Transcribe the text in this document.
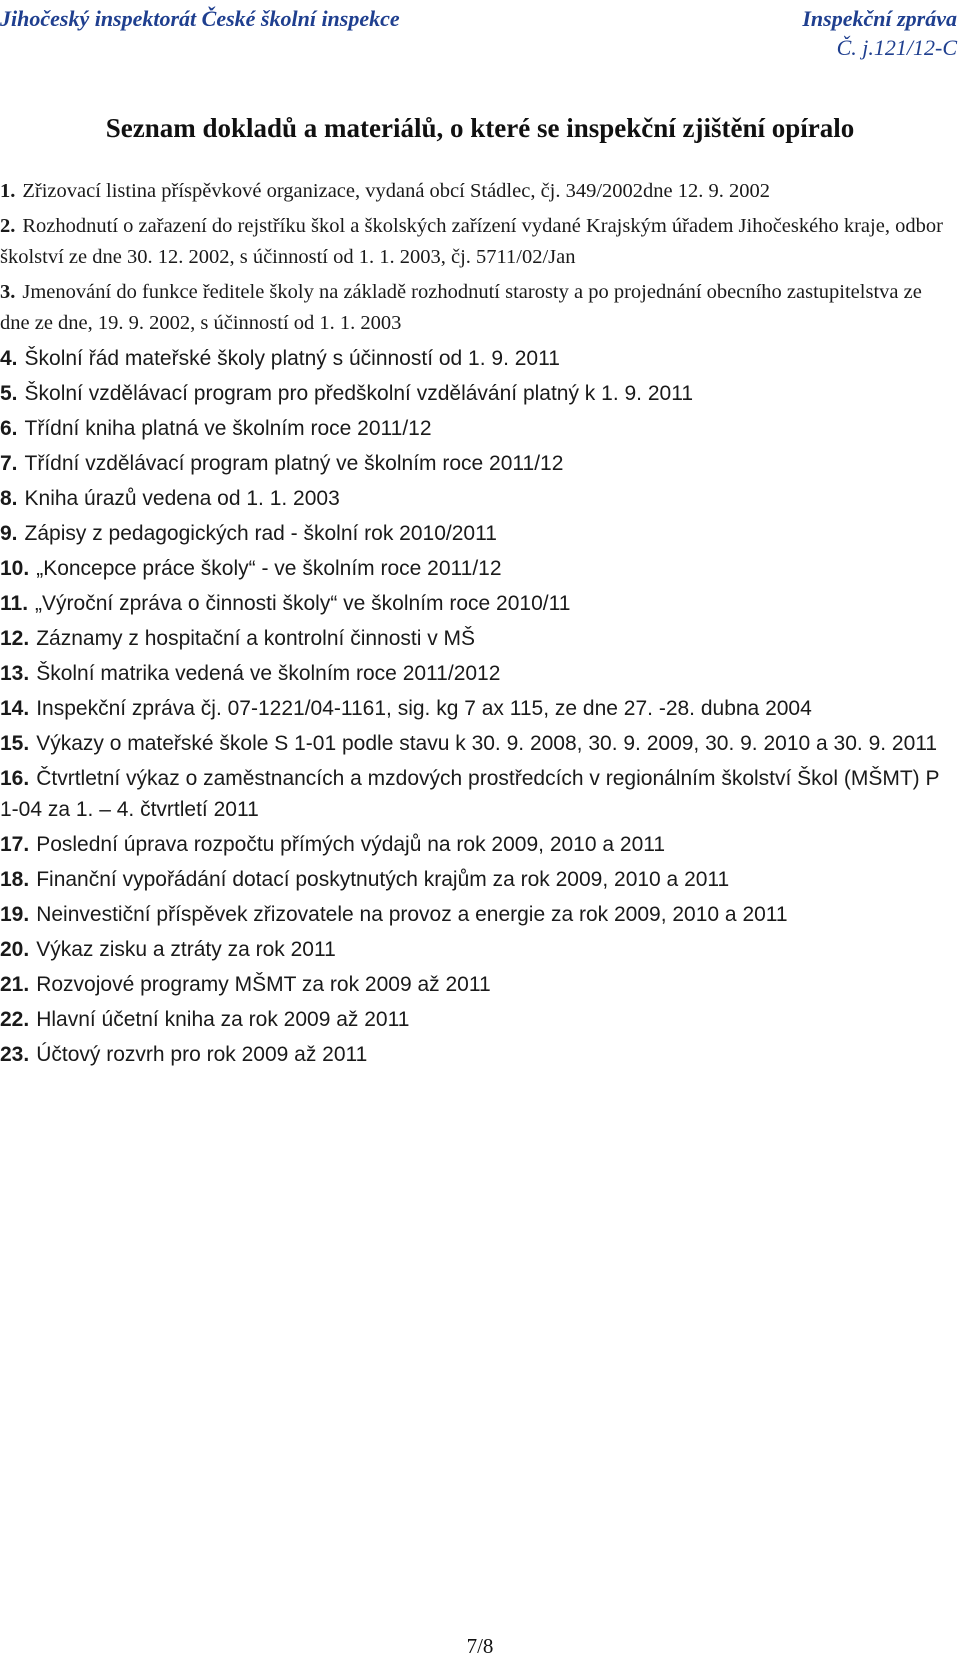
Jihočeský inspektorát České školní inspekce	Inspekční zpráva
Č. j.121/12-C
Seznam dokladů a materiálů, o které se inspekční zjištění opíralo
1. Zřizovací listina příspěvkové organizace, vydaná obcí Stádlec, čj. 349/2002dne 12. 9. 2002
2. Rozhodnutí o zařazení do rejstříku škol a školských zařízení vydané Krajským úřadem Jihočeského kraje, odbor školství ze dne 30. 12. 2002, s účinností od 1. 1. 2003, čj. 5711/02/Jan
3. Jmenování do funkce ředitele školy na základě rozhodnutí starosty a po projednání obecního zastupitelstva ze dne ze dne, 19. 9. 2002, s účinností od 1. 1. 2003
4. Školní řád mateřské školy platný s účinností od 1. 9. 2011
5. Školní vzdělávací program pro předškolní vzdělávání platný k 1. 9. 2011
6. Třídní kniha platná ve školním roce 2011/12
7. Třídní vzdělávací program platný ve školním roce 2011/12
8. Kniha úrazů vedena od 1. 1. 2003
9. Zápisy z pedagogických rad - školní rok 2010/2011
10. „Koncepce práce školy“ - ve školním roce 2011/12
11. „Výroční zpráva o činnosti školy“ ve školním roce 2010/11
12. Záznamy z hospitační a kontrolní činnosti v MŠ
13. Školní matrika vedená ve školním roce 2011/2012
14. Inspekční zpráva čj. 07-1221/04-1161, sig. kg 7 ax 115, ze dne 27. -28. dubna 2004
15. Výkazy o mateřské škole S 1-01 podle stavu k 30. 9. 2008, 30. 9. 2009, 30. 9. 2010 a 30. 9. 2011
16. Čtvrtletní výkaz o zaměstnancích a mzdových prostředcích v regionálním školství Škol (MŠMT) P 1-04 za 1. – 4. čtvrtletí 2011
17. Poslední úprava rozpočtu přímých výdajů na rok 2009, 2010 a 2011
18. Finanční vypořádání dotací poskytnutých krajům za rok 2009, 2010 a 2011
19. Neinvestiční příspěvek zřizovatele na provoz a energie za rok 2009, 2010 a 2011
20. Výkaz zisku a ztráty za rok 2011
21. Rozvojové programy MŠMT za rok 2009 až 2011
22. Hlavní účetní kniha za rok 2009 až 2011
23. Účtový rozvrh pro rok 2009 až 2011
7/8
